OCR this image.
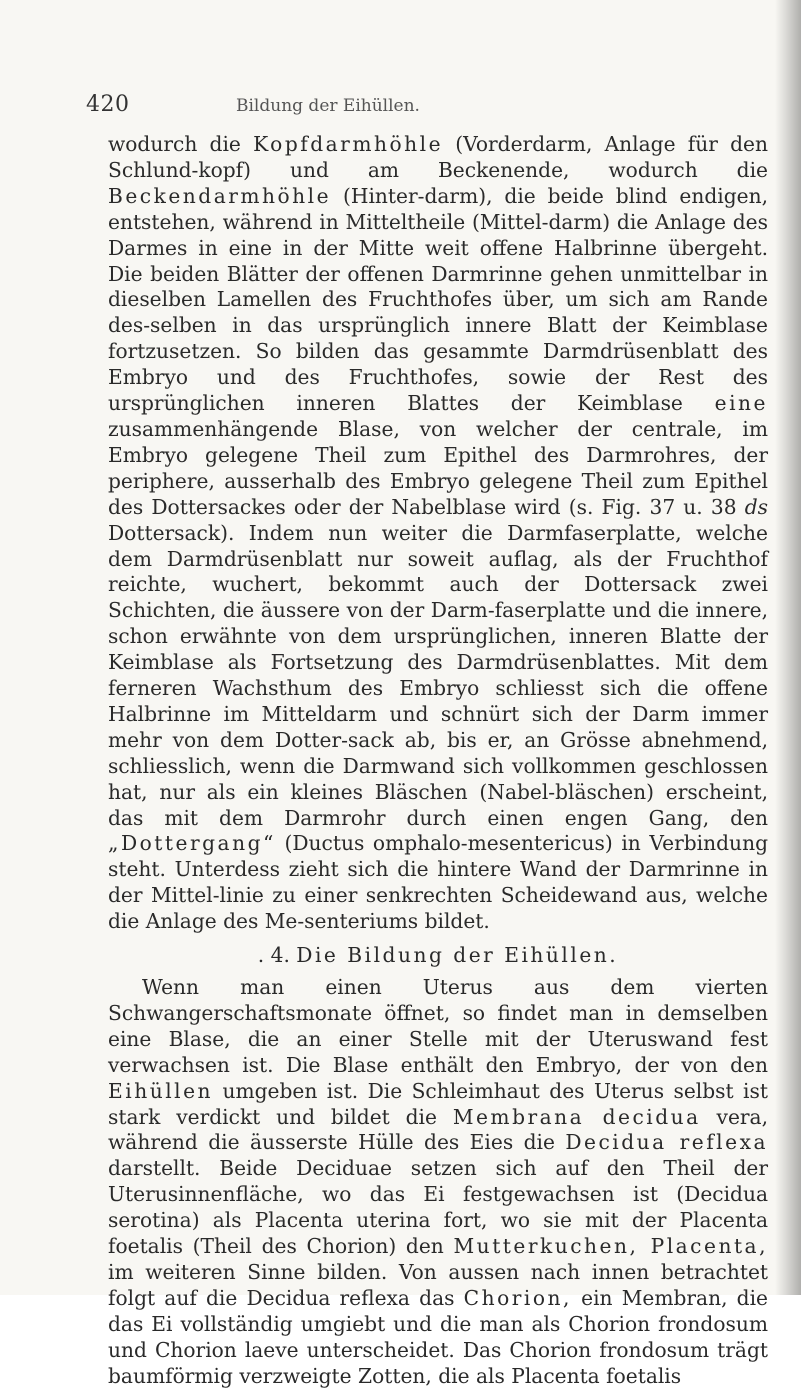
420	Bildung der Eihüllen.

wodurch die Kopfdarmhöhle (Vorderdarm, Anlage für den Schlund-kopf) und am Beckenende, wodurch die Beckendarmhöhle (Hinter-darm), die beide blind endigen, entstehen, während in Mitteltheile (Mittel-darm) die Anlage des Darmes in eine in der Mitte weit offene Halbrinne übergeht. Die beiden Blätter der offenen Darmrinne gehen unmittelbar in dieselben Lamellen des Fruchthofes über, um sich am Rande des-selben in das ursprünglich innere Blatt der Keimblase fortzusetzen. So bilden das gesammte Darmdrüsenblatt des Embryo und des Fruchthofes, sowie der Rest des ursprünglichen inneren Blattes der Keimblase eine zusammenhängende Blase, von welcher der centrale, im Embryo gelegene Theil zum Epithel des Darmrohres, der periphere, ausserhalb des Embryo gelegene Theil zum Epithel des Dottersackes oder der Nabelblase wird (s. Fig. 37 u. 38 ds Dottersack). Indem nun weiter die Darmfaserplatte, welche dem Darmdrüsenblatt nur soweit auflag, als der Fruchthof reichte, wuchert, bekommt auch der Dottersack zwei Schichten, die äussere von der Darm-faserplatte und die innere, schon erwähnte von dem ursprünglichen, inneren Blatte der Keimblase als Fortsetzung des Darmdrüsenblattes. Mit dem ferneren Wachsthum des Embryo schliesst sich die offene Halbrinne im Mitteldarm und schnürt sich der Darm immer mehr von dem Dotter-sack ab, bis er, an Grösse abnehmend, schliesslich, wenn die Darmwand sich vollkommen geschlossen hat, nur als ein kleines Bläschen (Nabel-bläschen) erscheint, das mit dem Darmrohr durch einen engen Gang, den „Dottergang“ (Ductus omphalo-mesentericus) in Verbindung steht. Unterdess zieht sich die hintere Wand der Darmrinne in der Mittel-linie zu einer senkrechten Scheidewand aus, welche die Anlage des Me-senteriums bildet.

. 4. Die Bildung der Eihüllen.

Wenn man einen Uterus aus dem vierten Schwangerschaftsmonate öffnet, so findet man in demselben eine Blase, die an einer Stelle mit der Uteruswand fest verwachsen ist. Die Blase enthält den Embryo, der von den Eihüllen umgeben ist. Die Schleimhaut des Uterus selbst ist stark verdickt und bildet die Membrana decidua vera, während die äusserste Hülle des Eies die Decidua reflexa darstellt. Beide Deciduae setzen sich auf den Theil der Uterusinnenfläche, wo das Ei festgewachsen ist (Decidua serotina) als Placenta uterina fort, wo sie mit der Placenta foetalis (Theil des Chorion) den Mutterkuchen, Placenta, im weiteren Sinne bilden. Von aussen nach innen betrachtet folgt auf die Decidua reflexa das Chorion, ein Membran, die das Ei vollständig umgiebt und die man als Chorion frondosum und Chorion laeve unterscheidet. Das Chorion frondosum trägt baumförmig verzweigte Zotten, die als Placenta foetalis
